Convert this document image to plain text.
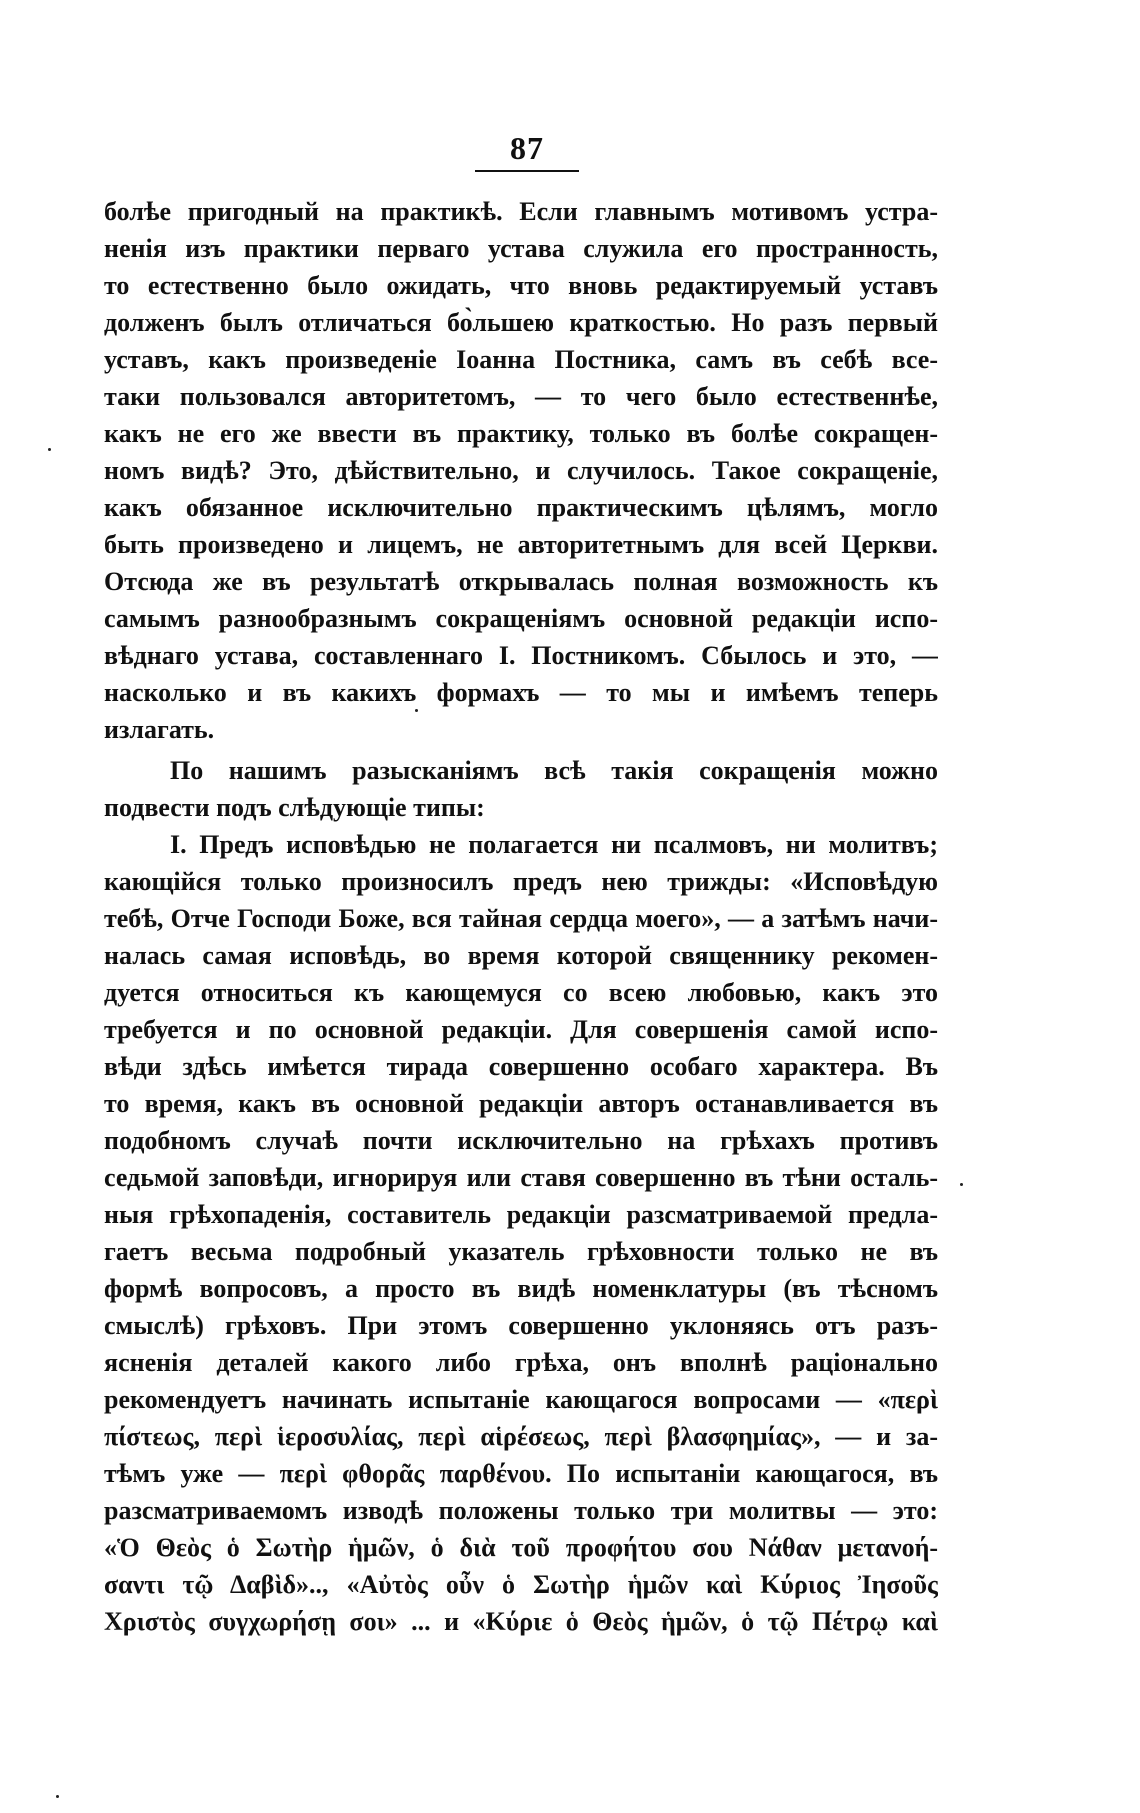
87
болѣе пригодный на практикѣ. Если главнымъ мотивомъ устра-
ненія изъ практики перваго устава служила его пространность,
то естественно было ожидать, что вновь редактируемый уставъ
долженъ былъ отличаться бо̀льшею краткостью. Но разъ первый
уставъ, какъ произведеніе Іоанна Постника, самъ въ себѣ все-
таки пользовался авторитетомъ, — то чего было естественнѣе,
какъ не его же ввести въ практику, только въ болѣе сокращен-
номъ видѣ? Это, дѣйствительно, и случилось. Такое сокращеніе,
какъ обязанное исключительно практическимъ цѣлямъ, могло
быть произведено и лицемъ, не авторитетнымъ для всей Церкви.
Отсюда же въ результатѣ открывалась полная возможность къ
самымъ разнообразнымъ сокращеніямъ основной редакціи испо-
вѣднаго устава, составленнаго І. Постникомъ. Сбылось и это, —
насколько и въ какихъ формахъ — то мы и имѣемъ теперь
излагать.
По нашимъ разысканіямъ всѣ такія сокращенія можно
подвести подъ слѣдующіе типы:
I. Предъ исповѣдью не полагается ни псалмовъ, ни молитвъ;
кающійся только произносилъ предъ нею трижды: «Исповѣдую
тебѣ, Отче Господи Боже, вся тайная сердца моего», — а затѣмъ начи-
налась самая исповѣдь, во время которой священнику рекомен-
дуется относиться къ кающемуся со всею любовью, какъ это
требуется и по основной редакціи. Для совершенія самой испо-
вѣди здѣсь имѣется тирада совершенно особаго характера. Въ
то время, какъ въ основной редакціи авторъ останавливается въ
подобномъ случаѣ почти исключительно на грѣхахъ противъ
седьмой заповѣди, игнорируя или ставя совершенно въ тѣни осталь-
ныя грѣхопаденія, составитель редакціи разсматриваемой предла-
гаетъ весьма подробный указатель грѣховности только не въ
формѣ вопросовъ, а просто въ видѣ номенклатуры (въ тѣсномъ
смыслѣ) грѣховъ. При этомъ совершенно уклоняясь отъ разъ-
ясненія деталей какого либо грѣха, онъ вполнѣ раціонально
рекомендуетъ начинать испытаніе кающагося вопросами — «περὶ
πίστεως, περὶ ἱεροσυλίας, περὶ αἱρέσεως, περὶ βλασφημίας», — и за-
тѣмъ уже — περὶ φθορᾶς παρθένου. По испытаніи кающагося, въ
разсматриваемомъ изводѣ положены только три молитвы — это:
«Ὁ Θεὸς ὁ Σωτὴρ ἡμῶν, ὁ διὰ τοῦ προφήτου σου Νάθαν μετανοή-
σαντι τῷ Δαβὶδ».., «Αὐτὸς οὖν ὁ Σωτὴρ ἡμῶν καὶ Κύριος Ἰησοῦς
Χριστὸς συγχωρήσῃ σοι» ... и «Κύριε ὁ Θεὸς ἡμῶν, ὁ τῷ Πέτρῳ καὶ
